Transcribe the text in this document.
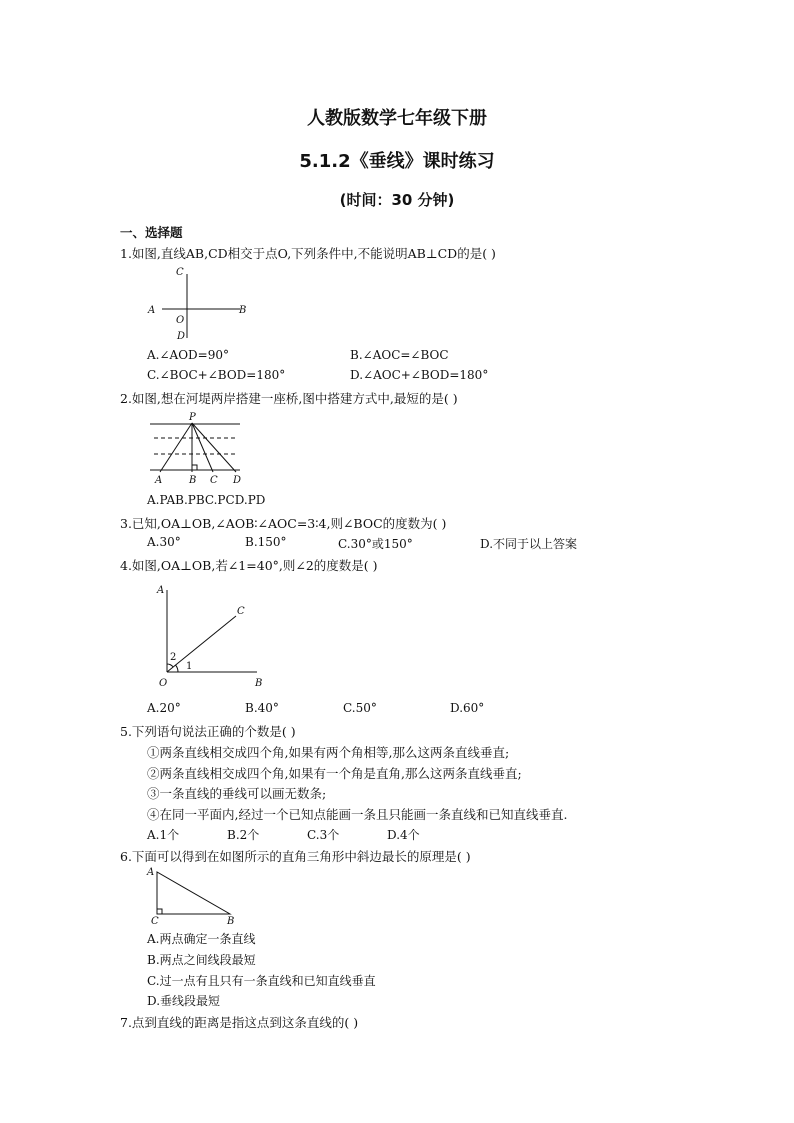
人教版数学七年级下册
5.1.2《垂线》课时练习
(时间：30 分钟)
一、选择题
1.如图,直线AB,CD相交于点O,下列条件中,不能说明AB⊥CD的是( )
A	B
C
D
O
A.∠AOD=90°	B.∠AOC=∠BOC
C.∠BOC+∠BOD=180°	D.∠AOC+∠BOD=180°
2.如图,想在河堤两岸搭建一座桥,图中搭建方式中,最短的是( )
P
A	B C D
A.PAB.PBC.PCD.PD
3.已知,OA⊥OB,∠AOB∶∠AOC=3∶4,则∠BOC的度数为( )
A.30°	B.150°	C.30°或150°	D.不同于以上答案
4.如图,OA⊥OB,若∠1=40°,则∠2的度数是( )
A
C
O	B
2
1
A.20°	B.40°	C.50°	D.60°
5.下列语句说法正确的个数是( )
①两条直线相交成四个角,如果有两个角相等,那么这两条直线垂直;
②两条直线相交成四个角,如果有一个角是直角,那么这两条直线垂直;
③一条直线的垂线可以画无数条;
④在同一平面内,经过一个已知点能画一条且只能画一条直线和已知直线垂直.
A.1个	B.2个	C.3个	D.4个
6.下面可以得到在如图所示的直角三角形中斜边最长的原理是( )
A
C	B
A.两点确定一条直线
B.两点之间线段最短
C.过一点有且只有一条直线和已知直线垂直
D.垂线段最短
7.点到直线的距离是指这点到这条直线的( )
